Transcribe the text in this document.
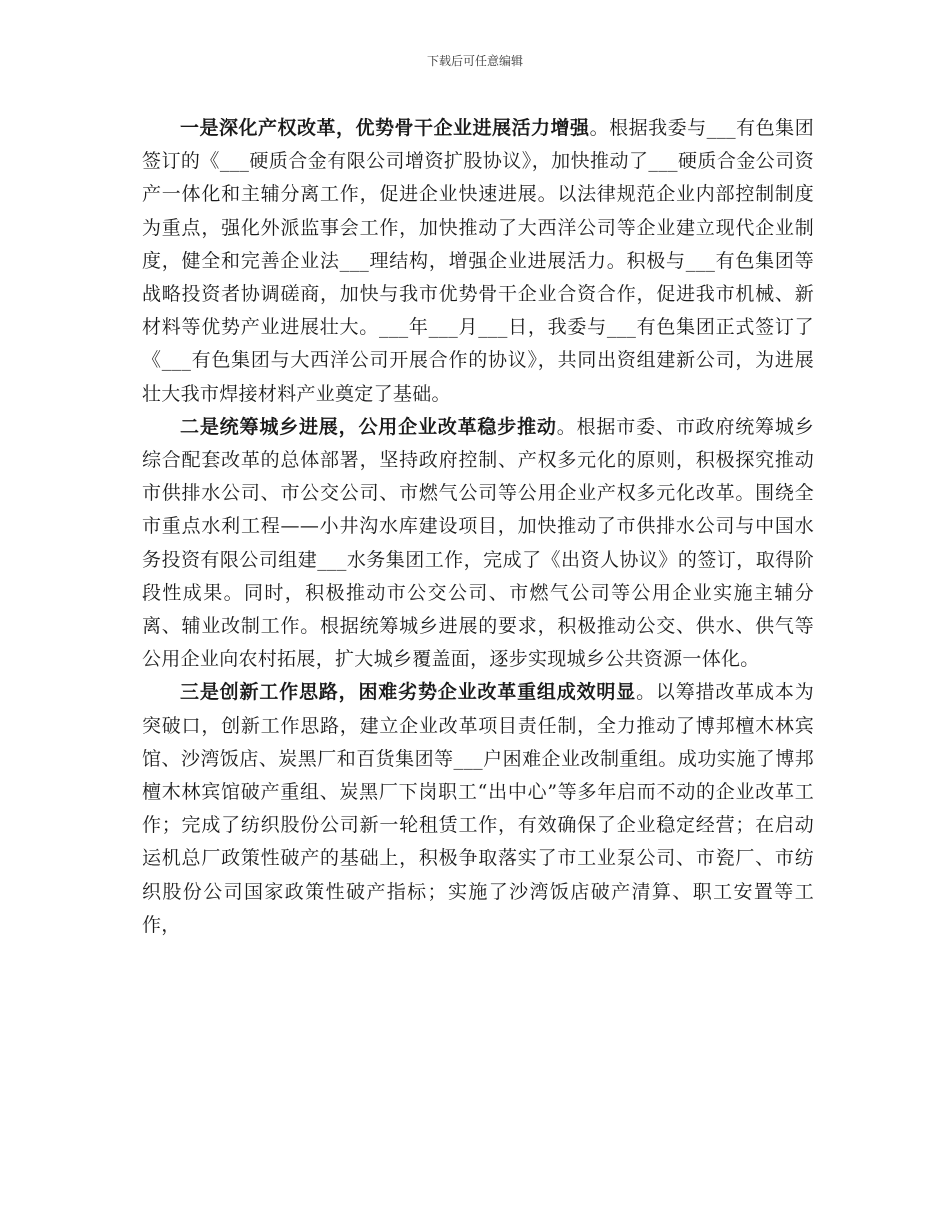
下载后可任意编辑

一是深化产权改革，优势骨干企业进展活力增强。根据我委与___有色集团签订的《___硬质合金有限公司增资扩股协议》，加快推动了___硬质合金公司资产一体化和主辅分离工作，促进企业快速进展。以法律规范企业内部控制制度为重点，强化外派监事会工作，加快推动了大西洋公司等企业建立现代企业制度，健全和完善企业法___理结构，增强企业进展活力。积极与___有色集团等战略投资者协调磋商，加快与我市优势骨干企业合资合作，促进我市机械、新材料等优势产业进展壮大。___年___月___日，我委与___有色集团正式签订了《___有色集团与大西洋公司开展合作的协议》，共同出资组建新公司，为进展壮大我市焊接材料产业奠定了基础。

二是统筹城乡进展，公用企业改革稳步推动。根据市委、市政府统筹城乡综合配套改革的总体部署，坚持政府控制、产权多元化的原则，积极探究推动市供排水公司、市公交公司、市燃气公司等公用企业产权多元化改革。围绕全市重点水利工程——小井沟水库建设项目，加快推动了市供排水公司与中国水务投资有限公司组建___水务集团工作，完成了《出资人协议》的签订，取得阶段性成果。同时，积极推动市公交公司、市燃气公司等公用企业实施主辅分离、辅业改制工作。根据统筹城乡进展的要求，积极推动公交、供水、供气等公用企业向农村拓展，扩大城乡覆盖面，逐步实现城乡公共资源一体化。

三是创新工作思路，困难劣势企业改革重组成效明显。以筹措改革成本为突破口，创新工作思路，建立企业改革项目责任制，全力推动了博邦檀木林宾馆、沙湾饭店、炭黑厂和百货集团等___户困难企业改制重组。成功实施了博邦檀木林宾馆破产重组、炭黑厂下岗职工“出中心”等多年启而不动的企业改革工作；完成了纺织股份公司新一轮租赁工作，有效确保了企业稳定经营；在启动运机总厂政策性破产的基础上，积极争取落实了市工业泵公司、市瓷厂、市纺织股份公司国家政策性破产指标；实施了沙湾饭店破产清算、职工安置等工作，
